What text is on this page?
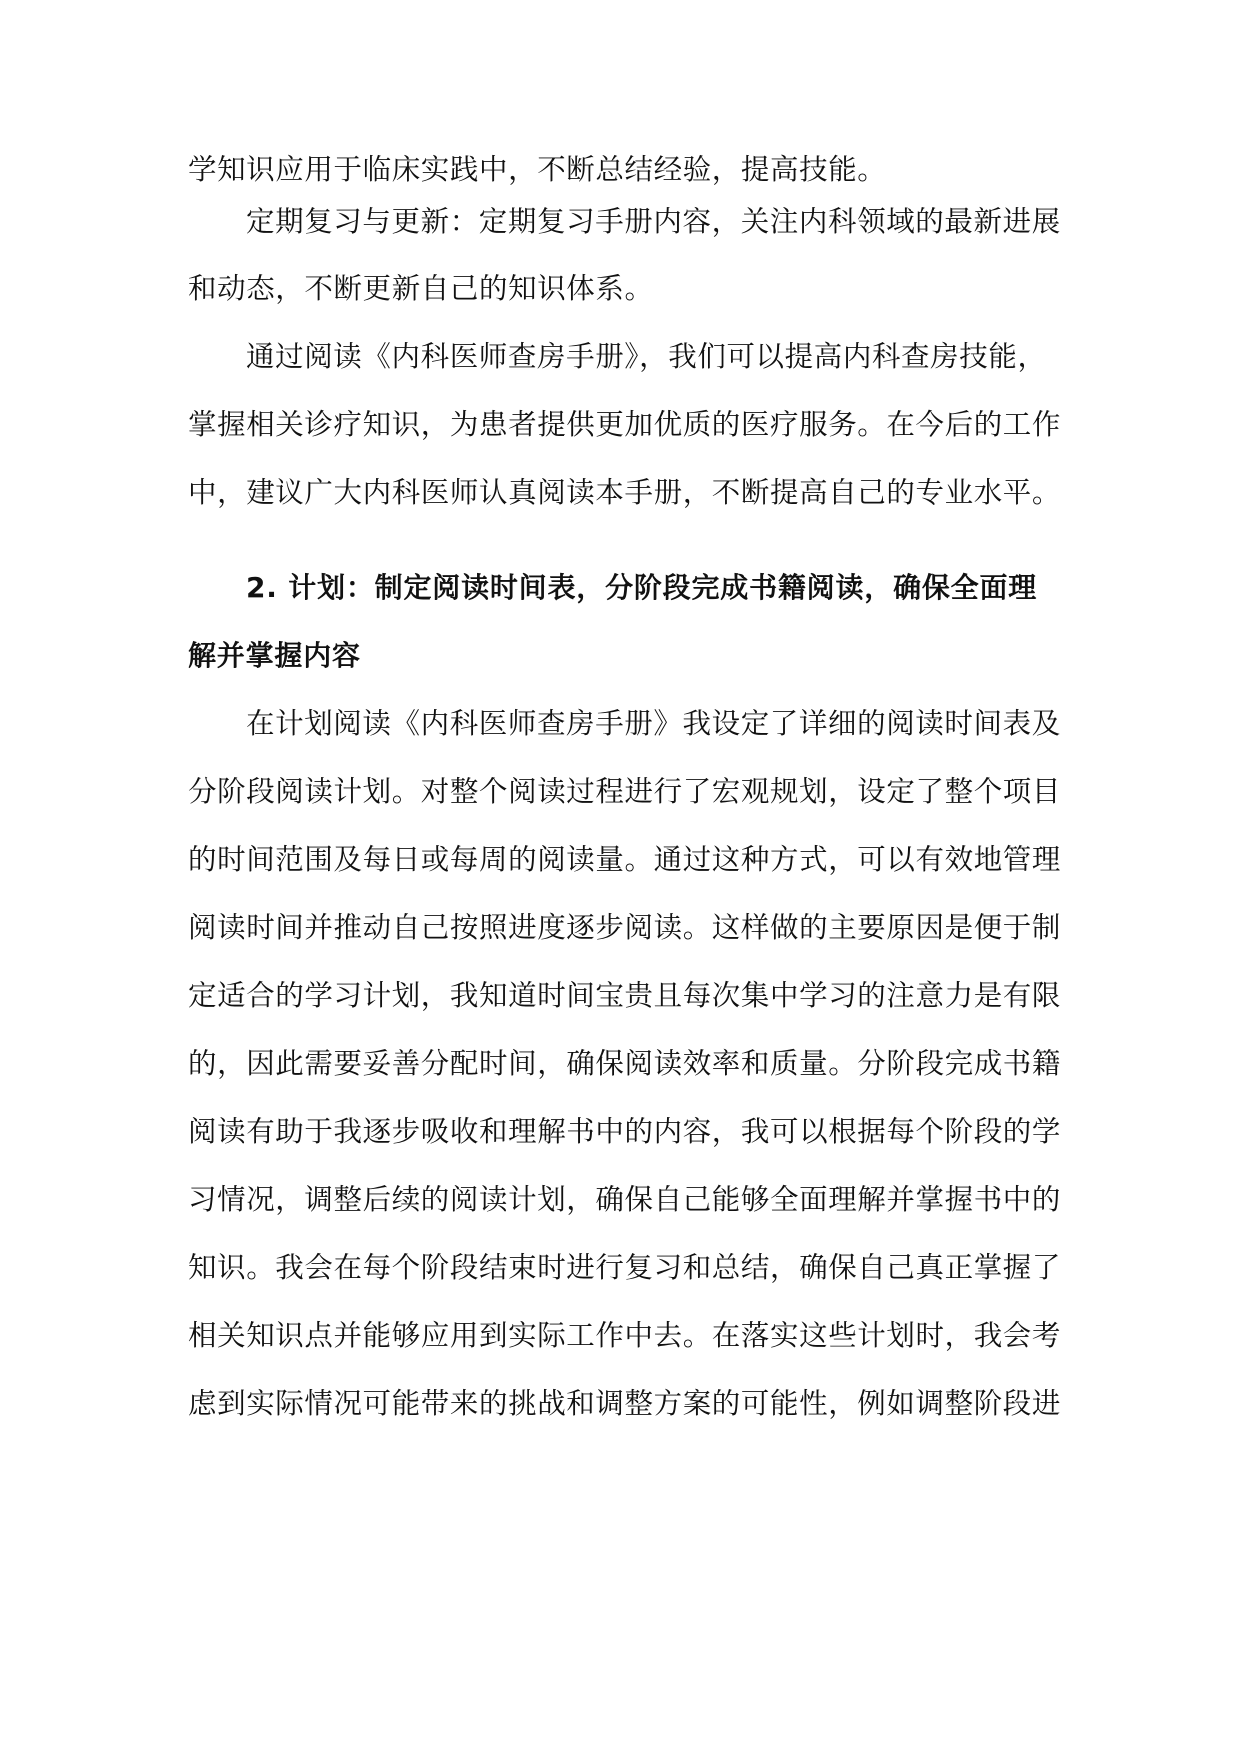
学知识应用于临床实践中，不断总结经验，提高技能。
定期复习与更新：定期复习手册内容，关注内科领域的最新进展
和动态，不断更新自己的知识体系。
通过阅读《内科医师查房手册》，我们可以提高内科查房技能，
掌握相关诊疗知识，为患者提供更加优质的医疗服务。在今后的工作
中，建议广大内科医师认真阅读本手册，不断提高自己的专业水平。
2. 计划：制定阅读时间表，分阶段完成书籍阅读，确保全面理
解并掌握内容
在计划阅读《内科医师查房手册》我设定了详细的阅读时间表及
分阶段阅读计划。对整个阅读过程进行了宏观规划，设定了整个项目
的时间范围及每日或每周的阅读量。通过这种方式，可以有效地管理
阅读时间并推动自己按照进度逐步阅读。这样做的主要原因是便于制
定适合的学习计划，我知道时间宝贵且每次集中学习的注意力是有限
的，因此需要妥善分配时间，确保阅读效率和质量。分阶段完成书籍
阅读有助于我逐步吸收和理解书中的内容，我可以根据每个阶段的学
习情况，调整后续的阅读计划，确保自己能够全面理解并掌握书中的
知识。我会在每个阶段结束时进行复习和总结，确保自己真正掌握了
相关知识点并能够应用到实际工作中去。在落实这些计划时，我会考
虑到实际情况可能带来的挑战和调整方案的可能性，例如调整阶段进
